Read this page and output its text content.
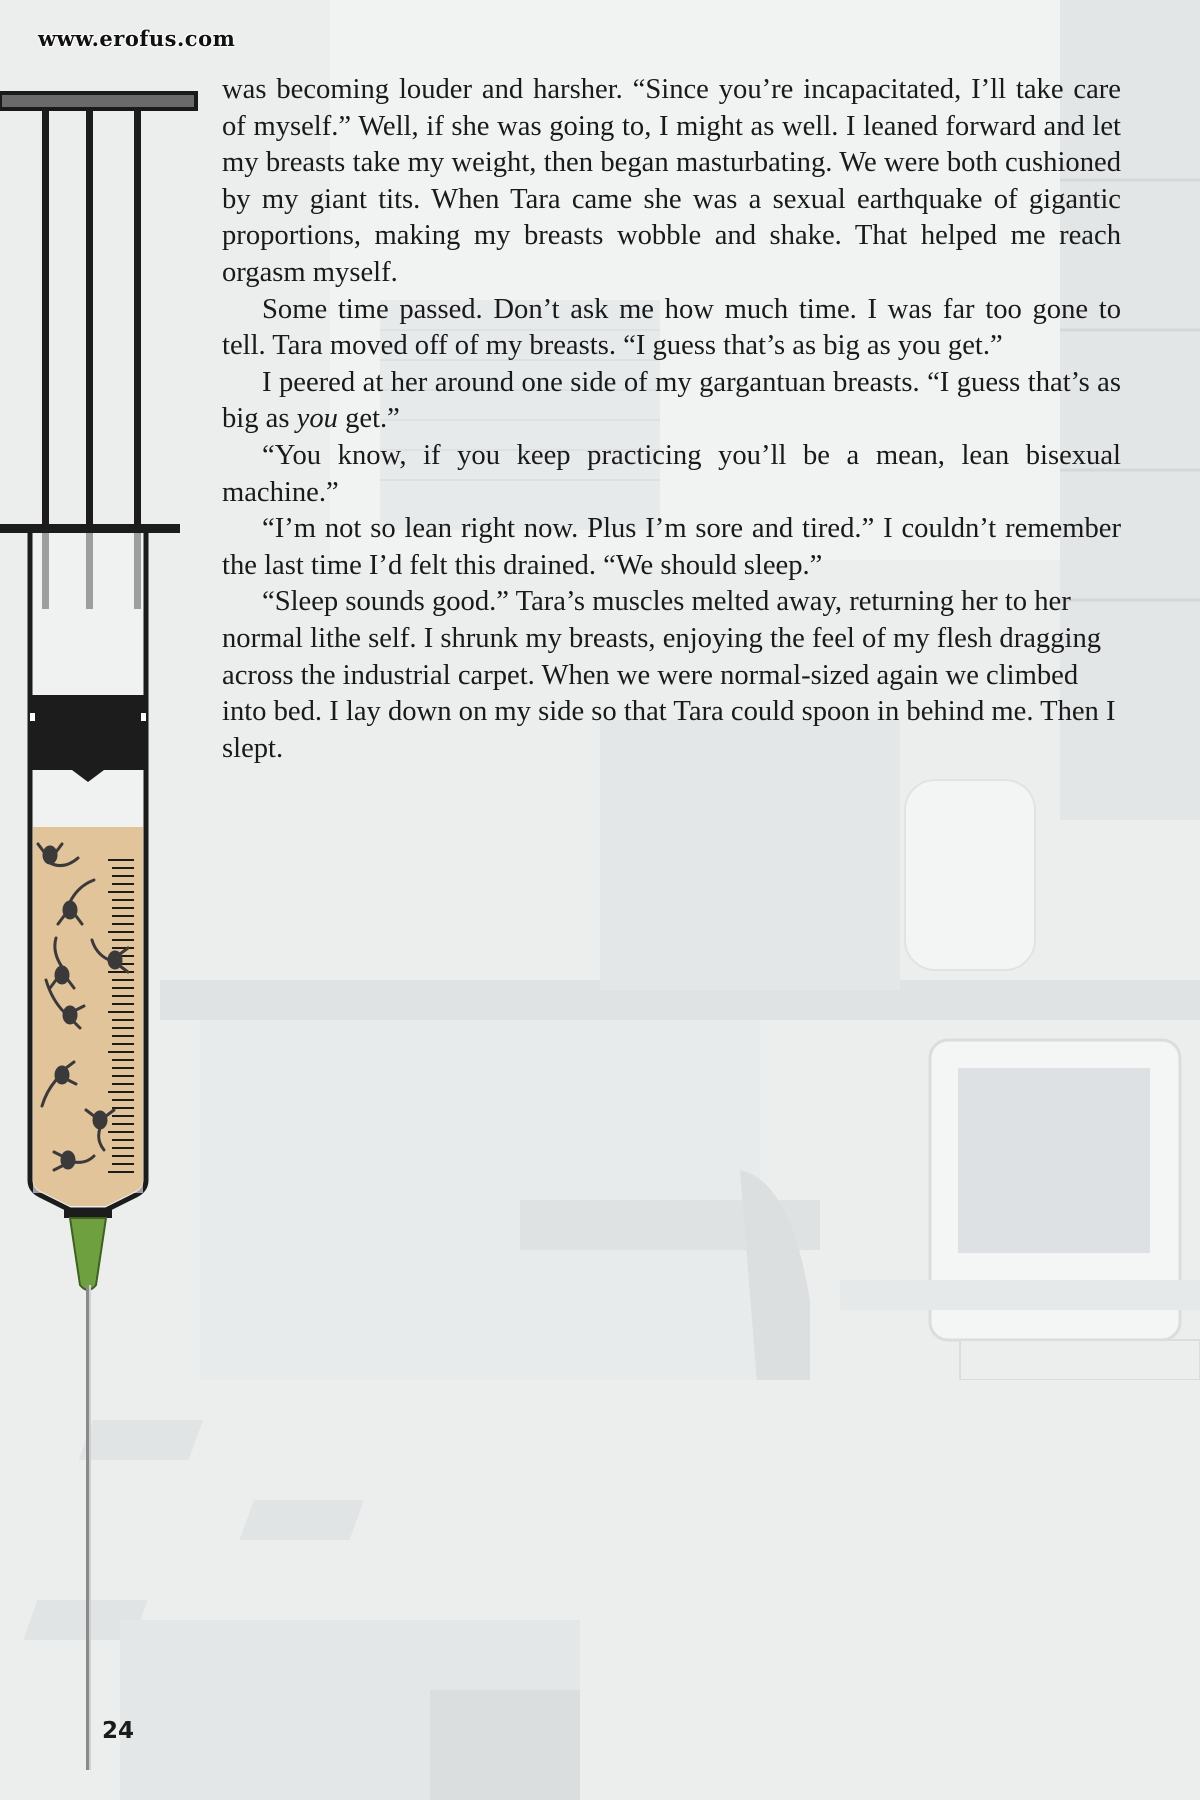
www.erofus.com

was becoming louder and harsher. “Since you’re incapacitated, I’ll take care of myself.” Well, if she was going to, I might as well. I leaned forward and let my breasts take my weight, then began masturbating. We were both cushioned by my giant tits. When Tara came she was a sexual earthquake of gigantic proportions, making my breasts wobble and shake. That helped me reach orgasm myself.

Some time passed. Don’t ask me how much time. I was far too gone to tell. Tara moved off of my breasts. “I guess that’s as big as you get.”

I peered at her around one side of my gargantuan breasts. “I guess that’s as big as you get.”

“You know, if you keep practicing you’ll be a mean, lean bisexual machine.”

“I’m not so lean right now. Plus I’m sore and tired.” I couldn’t remember the last time I’d felt this drained. “We should sleep.”

“Sleep sounds good.” Tara’s muscles melted away, returning her to her normal lithe self. I shrunk my breasts, enjoying the feel of my flesh dragging across the industrial carpet. When we were normal-sized again we climbed into bed. I lay down on my side so that Tara could spoon in behind me. Then I slept.

24
